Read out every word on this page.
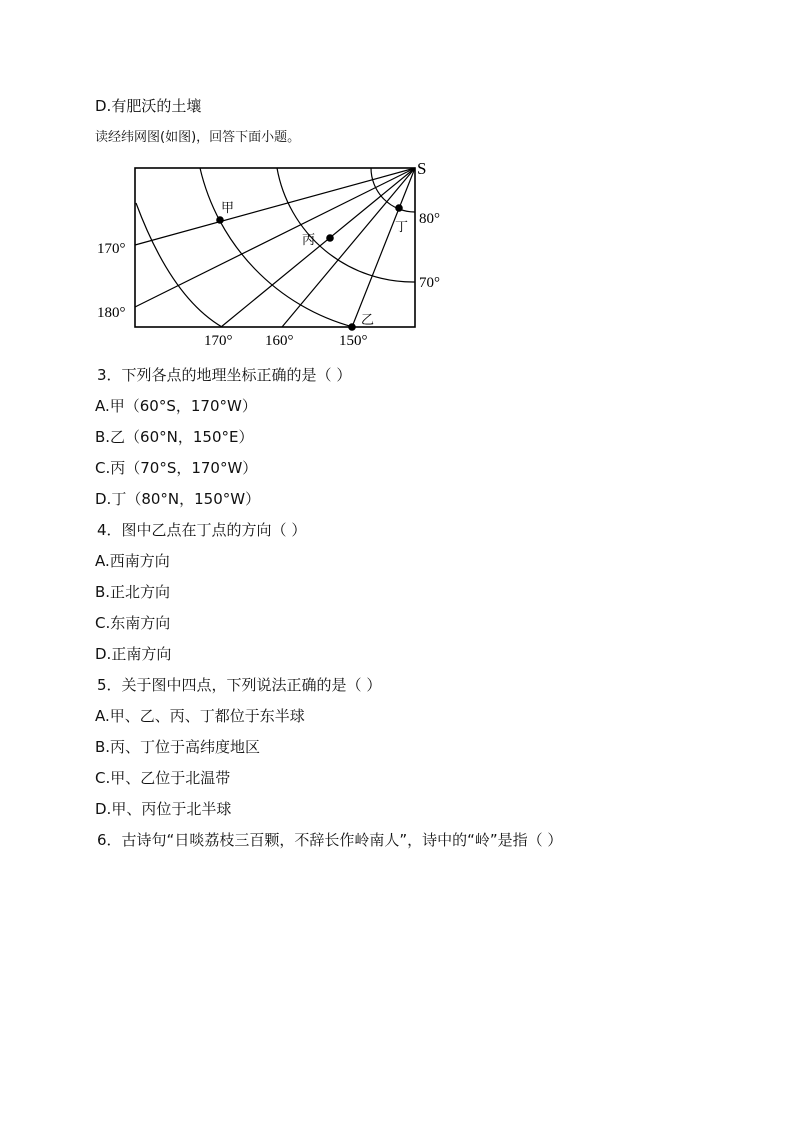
D.有肥沃的土壤
读经纬网图(如图)，回答下面小题。
甲
丙
丁
乙
S
170°
180°
80°
70°
170° 160°	150°
3．下列各点的地理坐标正确的是（ ）
A.甲（60°S，170°W）
B.乙（60°N，150°E）
C.丙（70°S，170°W）
D.丁（80°N，150°W）
4．图中乙点在丁点的方向（ ）
A.西南方向
B.正北方向
C.东南方向
D.正南方向
5．关于图中四点，下列说法正确的是（ ）
A.甲、乙、丙、丁都位于东半球
B.丙、丁位于高纬度地区
C.甲、乙位于北温带
D.甲、丙位于北半球
6．古诗句“日啖荔枝三百颗，不辞长作岭南人”，诗中的“岭”是指（ ）
